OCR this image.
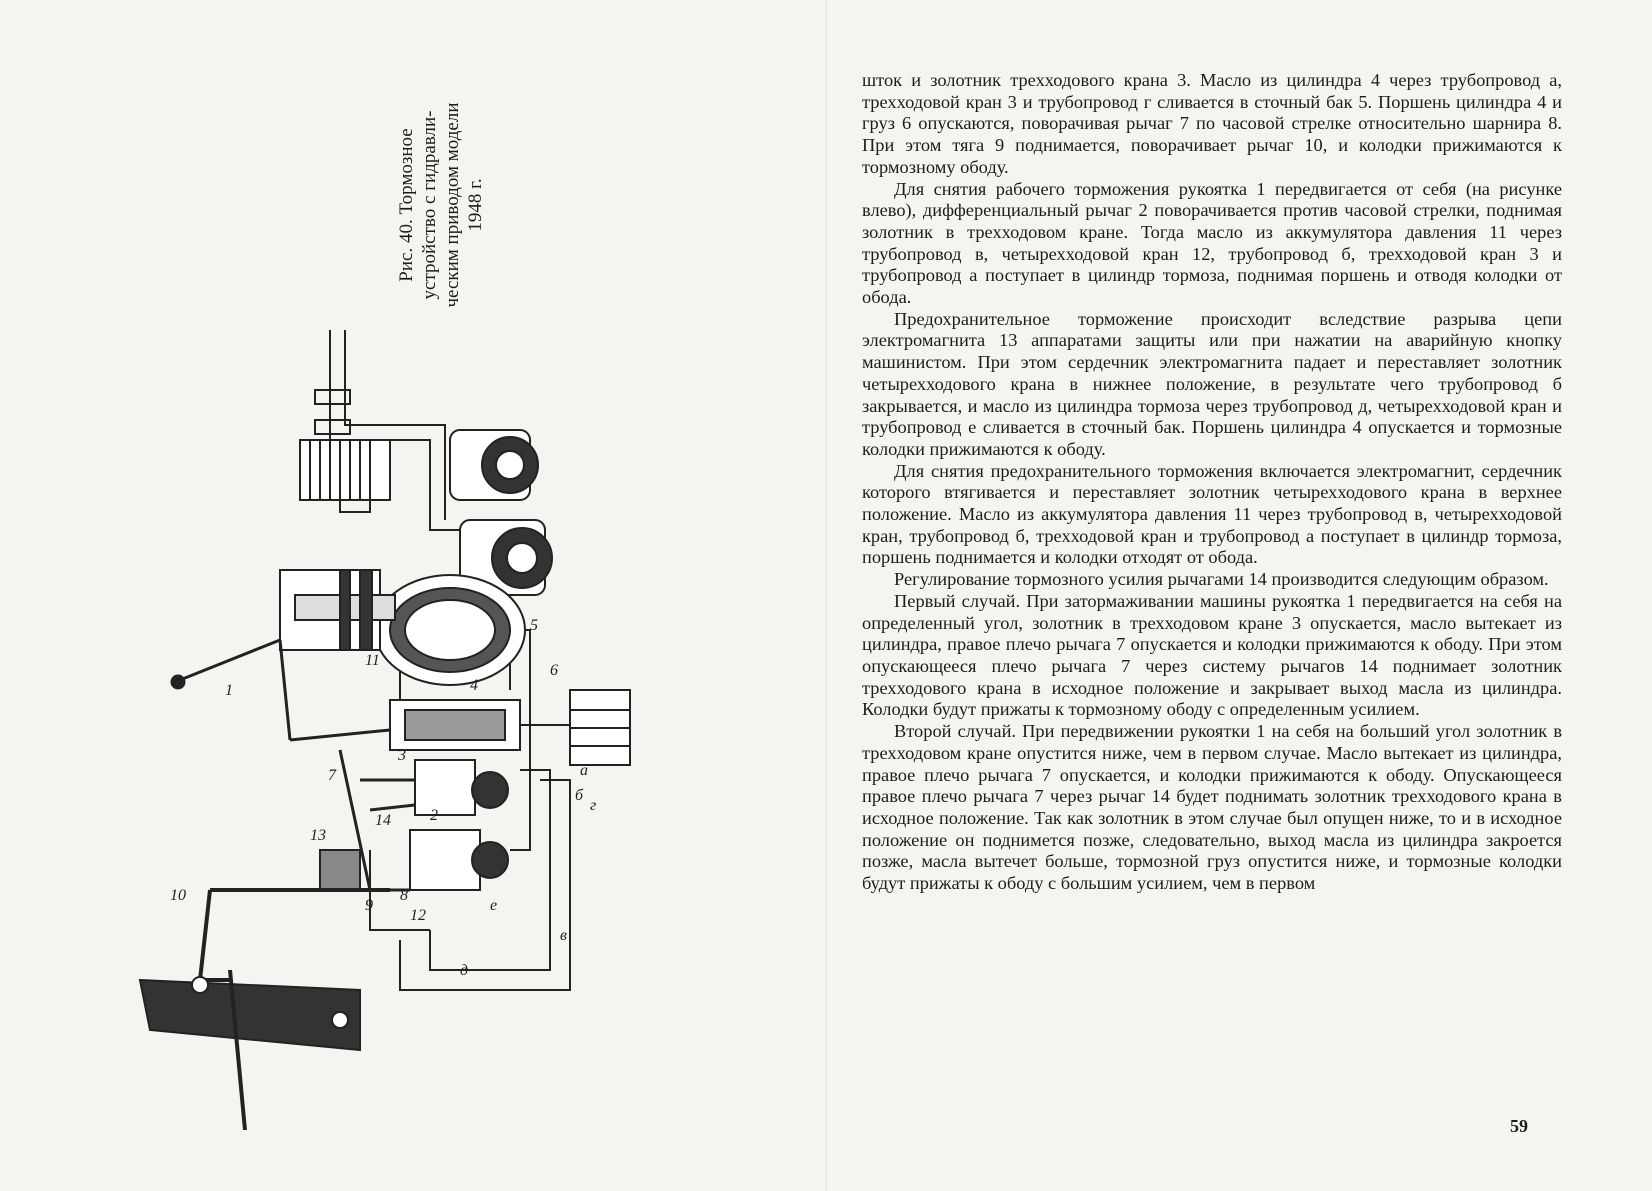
Рис. 40. Тормозное устройство с гидравли- ческим приводом модели 1948 г.
1
2
3
4
5
6
7
8
9
10
11
12
13
14
а
б
в
г
д
е

шток и золотник трехходового крана 3. Масло из цилиндра 4 через трубопровод а, трехходовой кран 3 и трубопровод г сливается в сточный бак 5. Поршень цилиндра 4 и груз 6 опускаются, поворачивая рычаг 7 по часовой стрелке относительно шарнира 8. При этом тяга 9 поднимается, поворачивает рычаг 10, и колодки прижимаются к тормозному ободу.

Для снятия рабочего торможения рукоятка 1 передвигается от себя (на рисунке влево), дифференциальный рычаг 2 поворачивается против часовой стрелки, поднимая золотник в трехходовом кране. Тогда масло из аккумулятора давления 11 через трубопровод в, четырехходовой кран 12, трубопровод б, трехходовой кран 3 и трубопровод а поступает в цилиндр тормоза, поднимая поршень и отводя колодки от обода.

Предохранительное торможение происходит вследствие разрыва цепи электромагнита 13 аппаратами защиты или при нажатии на аварийную кнопку машинистом. При этом сердечник электромагнита падает и переставляет золотник четырехходового крана в нижнее положение, в результате чего трубопровод б закрывается, и масло из цилиндра тормоза через трубопровод д, четырехходовой кран и трубопровод е сливается в сточный бак. Поршень цилиндра 4 опускается и тормозные колодки прижимаются к ободу.

Для снятия предохранительного торможения включается электромагнит, сердечник которого втягивается и переставляет золотник четырехходового крана в верхнее положение. Масло из аккумулятора давления 11 через трубопровод в, четырехходовой кран, трубопровод б, трехходовой кран и трубопровод а поступает в цилиндр тормоза, поршень поднимается и колодки отходят от обода.

Регулирование тормозного усилия рычагами 14 производится следующим образом.

Первый случай. При затормаживании машины рукоятка 1 передвигается на себя на определенный угол, золотник в трехходовом кране 3 опускается, масло вытекает из цилиндра, правое плечо рычага 7 опускается и колодки прижимаются к ободу. При этом опускающееся плечо рычага 7 через систему рычагов 14 поднимает золотник трехходового крана в исходное положение и закрывает выход масла из цилиндра. Колодки будут прижаты к тормозному ободу с определенным усилием.

Второй случай. При передвижении рукоятки 1 на себя на больший угол золотник в трехходовом кране опустится ниже, чем в первом случае. Масло вытекает из цилиндра, правое плечо рычага 7 опускается, и колодки прижимаются к ободу. Опускающееся правое плечо рычага 7 через рычаг 14 будет поднимать золотник трехходового крана в исходное положение. Так как золотник в этом случае был опущен ниже, то и в исходное положение он поднимется позже, следовательно, выход масла из цилиндра закроется позже, масла вытечет больше, тормозной груз опустится ниже, и тормозные колодки будут прижаты к ободу с большим усилием, чем в первом

59
